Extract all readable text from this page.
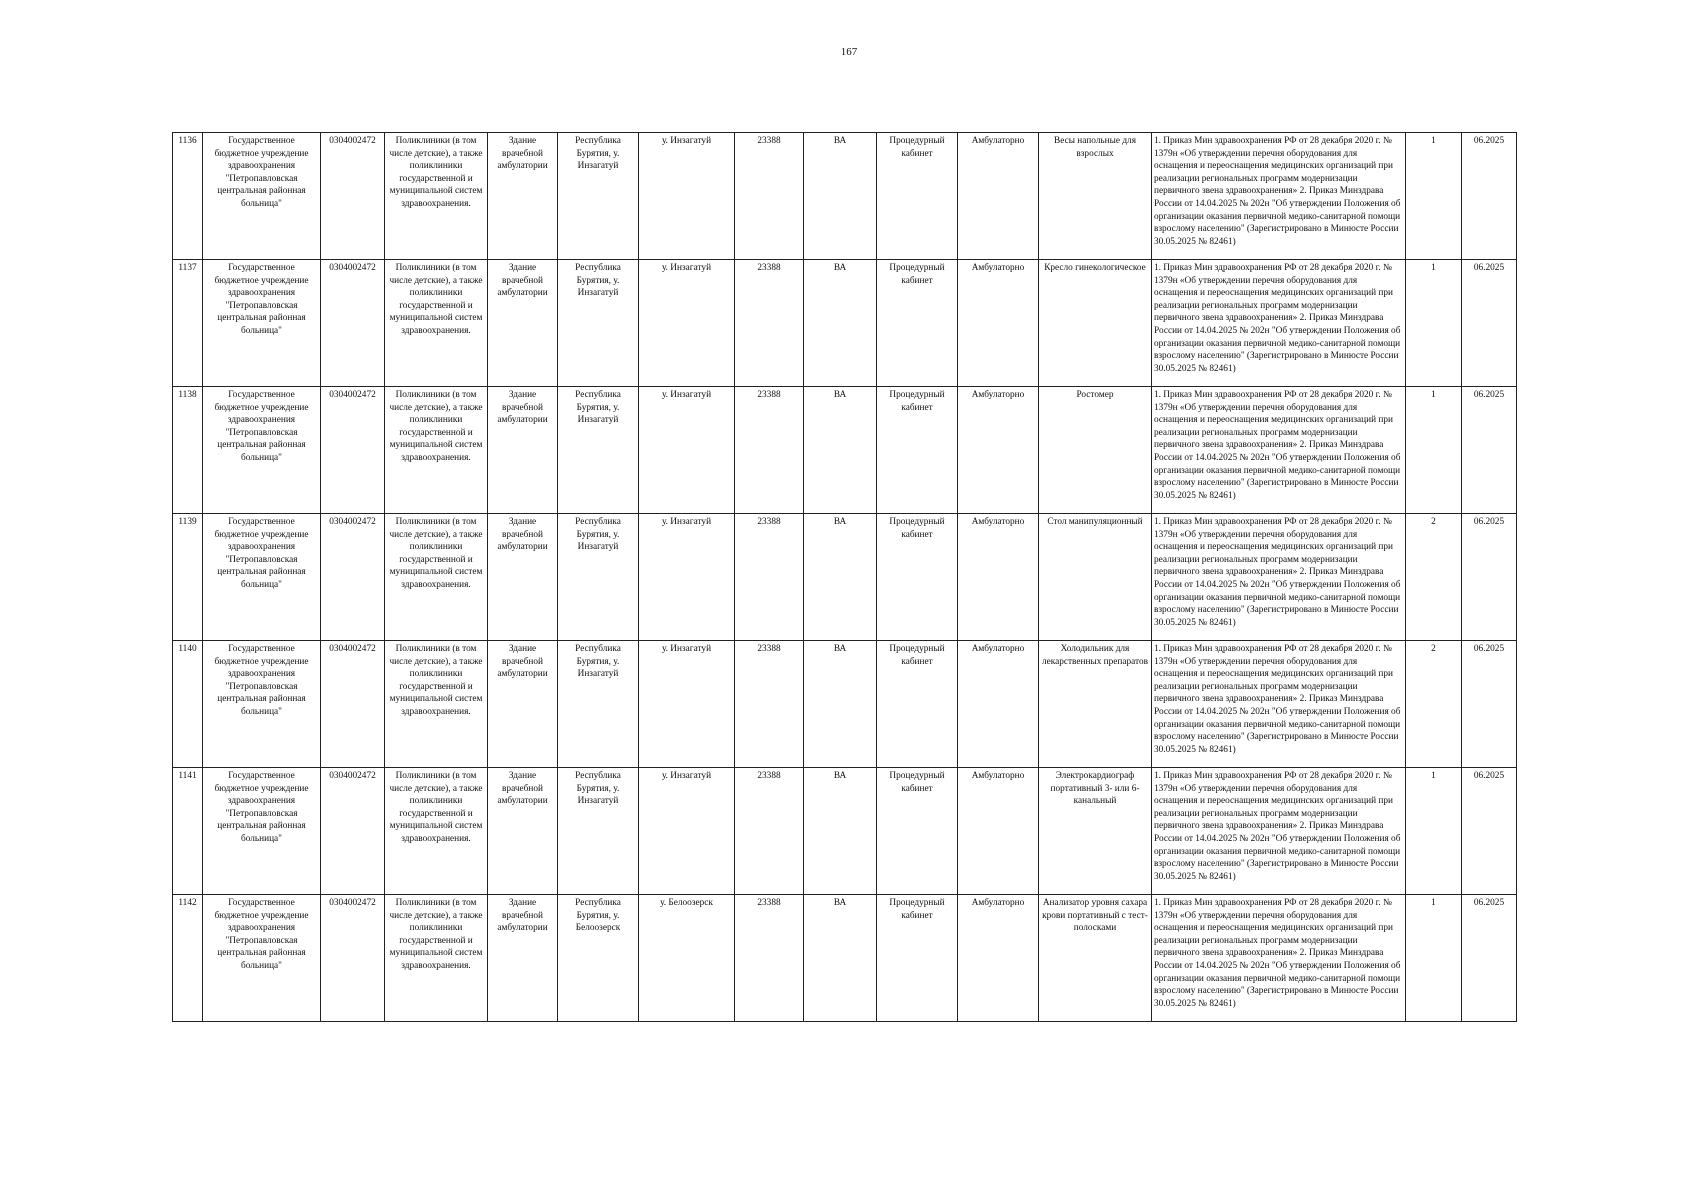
167
1136	Государственное бюджетное учреждение здравоохранения "Петропавловская центральная районная больница"	0304002472	Поликлиники (в том числе детские), а также поликлиники государственной и муниципальной систем здравоохранения.	Здание врачебной амбулатории	Республика Бурятия, у. Инзагатуй	у. Инзагатуй	23388	ВА	Процедурный кабинет	Амбулаторно	Весы напольные для взрослых	1. Приказ Мин здравоохранения РФ от 28 декабря 2020 г. № 1379н «Об утверждении перечня оборудования для оснащения и переоснащения медицинских организаций при реализации региональных программ модернизации первичного звена здравоохранения» 2. Приказ Минздрава России от 14.04.2025 № 202н "Об утверждении Положения об организации оказания первичной медико-санитарной помощи взрослому населению" (Зарегистрировано в Минюсте России 30.05.2025 № 82461)	1	06.2025
1137	Государственное бюджетное учреждение здравоохранения "Петропавловская центральная районная больница"	0304002472	Поликлиники (в том числе детские), а также поликлиники государственной и муниципальной систем здравоохранения.	Здание врачебной амбулатории	Республика Бурятия, у. Инзагатуй	у. Инзагатуй	23388	ВА	Процедурный кабинет	Амбулаторно	Кресло гинекологическое	1. Приказ Мин здравоохранения РФ от 28 декабря 2020 г. № 1379н «Об утверждении перечня оборудования для оснащения и переоснащения медицинских организаций при реализации региональных программ модернизации первичного звена здравоохранения» 2. Приказ Минздрава России от 14.04.2025 № 202н "Об утверждении Положения об организации оказания первичной медико-санитарной помощи взрослому населению" (Зарегистрировано в Минюсте России 30.05.2025 № 82461)	1	06.2025
1138	Государственное бюджетное учреждение здравоохранения "Петропавловская центральная районная больница"	0304002472	Поликлиники (в том числе детские), а также поликлиники государственной и муниципальной систем здравоохранения.	Здание врачебной амбулатории	Республика Бурятия, у. Инзагатуй	у. Инзагатуй	23388	ВА	Процедурный кабинет	Амбулаторно	Ростомер	1. Приказ Мин здравоохранения РФ от 28 декабря 2020 г. № 1379н «Об утверждении перечня оборудования для оснащения и переоснащения медицинских организаций при реализации региональных программ модернизации первичного звена здравоохранения» 2. Приказ Минздрава России от 14.04.2025 № 202н "Об утверждении Положения об организации оказания первичной медико-санитарной помощи взрослому населению" (Зарегистрировано в Минюсте России 30.05.2025 № 82461)	1	06.2025
1139	Государственное бюджетное учреждение здравоохранения "Петропавловская центральная районная больница"	0304002472	Поликлиники (в том числе детские), а также поликлиники государственной и муниципальной систем здравоохранения.	Здание врачебной амбулатории	Республика Бурятия, у. Инзагатуй	у. Инзагатуй	23388	ВА	Процедурный кабинет	Амбулаторно	Стол манипуляционный	1. Приказ Мин здравоохранения РФ от 28 декабря 2020 г. № 1379н «Об утверждении перечня оборудования для оснащения и переоснащения медицинских организаций при реализации региональных программ модернизации первичного звена здравоохранения» 2. Приказ Минздрава России от 14.04.2025 № 202н "Об утверждении Положения об организации оказания первичной медико-санитарной помощи взрослому населению" (Зарегистрировано в Минюсте России 30.05.2025 № 82461)	2	06.2025
1140	Государственное бюджетное учреждение здравоохранения "Петропавловская центральная районная больница"	0304002472	Поликлиники (в том числе детские), а также поликлиники государственной и муниципальной систем здравоохранения.	Здание врачебной амбулатории	Республика Бурятия, у. Инзагатуй	у. Инзагатуй	23388	ВА	Процедурный кабинет	Амбулаторно	Холодильник для лекарственных препаратов	1. Приказ Мин здравоохранения РФ от 28 декабря 2020 г. № 1379н «Об утверждении перечня оборудования для оснащения и переоснащения медицинских организаций при реализации региональных программ модернизации первичного звена здравоохранения» 2. Приказ Минздрава России от 14.04.2025 № 202н "Об утверждении Положения об организации оказания первичной медико-санитарной помощи взрослому населению" (Зарегистрировано в Минюсте России 30.05.2025 № 82461)	2	06.2025
1141	Государственное бюджетное учреждение здравоохранения "Петропавловская центральная районная больница"	0304002472	Поликлиники (в том числе детские), а также поликлиники государственной и муниципальной систем здравоохранения.	Здание врачебной амбулатории	Республика Бурятия, у. Инзагатуй	у. Инзагатуй	23388	ВА	Процедурный кабинет	Амбулаторно	Электрокардиограф портативный 3- или 6-канальный	1. Приказ Мин здравоохранения РФ от 28 декабря 2020 г. № 1379н «Об утверждении перечня оборудования для оснащения и переоснащения медицинских организаций при реализации региональных программ модернизации первичного звена здравоохранения» 2. Приказ Минздрава России от 14.04.2025 № 202н "Об утверждении Положения об организации оказания первичной медико-санитарной помощи взрослому населению" (Зарегистрировано в Минюсте России 30.05.2025 № 82461)	1	06.2025
1142	Государственное бюджетное учреждение здравоохранения "Петропавловская центральная районная больница"	0304002472	Поликлиники (в том числе детские), а также поликлиники государственной и муниципальной систем здравоохранения.	Здание врачебной амбулатории	Республика Бурятия, у. Белоозерск	у. Белоозерск	23388	ВА	Процедурный кабинет	Амбулаторно	Анализатор уровня сахара крови портативный с тест-полосками	1. Приказ Мин здравоохранения РФ от 28 декабря 2020 г. № 1379н «Об утверждении перечня оборудования для оснащения и переоснащения медицинских организаций при реализации региональных программ модернизации первичного звена здравоохранения» 2. Приказ Минздрава России от 14.04.2025 № 202н "Об утверждении Положения об организации оказания первичной медико-санитарной помощи взрослому населению" (Зарегистрировано в Минюсте России 30.05.2025 № 82461)	1	06.2025
